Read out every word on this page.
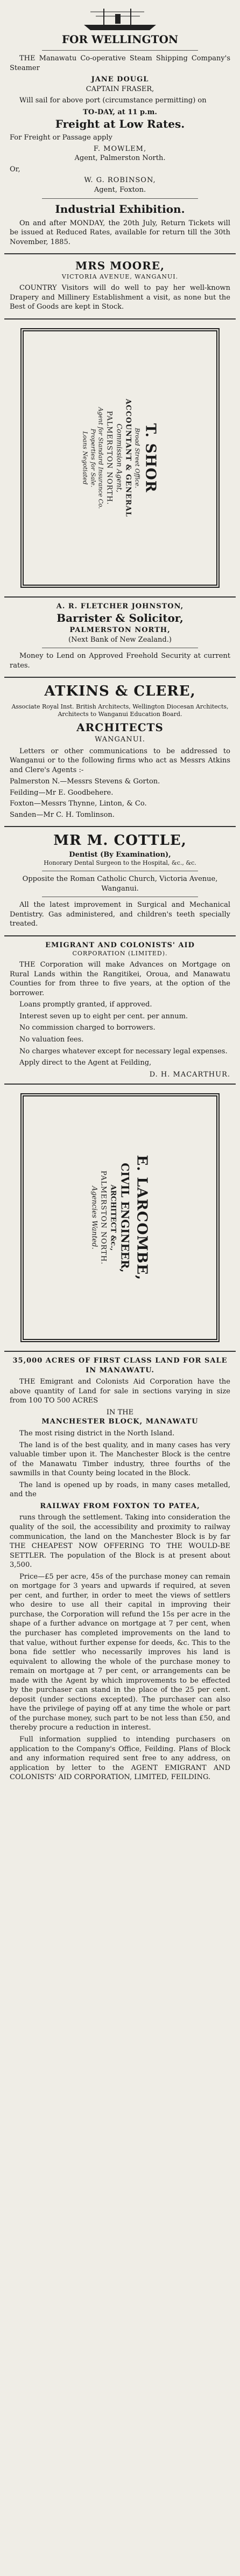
FOR WELLINGTON

THE Manawatu Co-operative Steam Shipping Company's Steamer

JANE DOUGL
CAPTAIN FRASER,

Will sail for above port (circumstance permitting) on

TO-DAY, at 11 p.m.
Freight at Low Rates.

For Freight or Passage apply

F. MOWLEM,
Agent, Palmerston North.

Or,

W. G. ROBINSON,
Agent, Foxton.
Industrial Exhibition.

On and after MONDAY, the 20th July, Return Tickets will be issued at Reduced Rates, available for return till the 30th November, 1885.

MRS MOORE,
VICTORIA AVENUE, WANGANUI.

COUNTRY Visitors will do well to pay her well-known Drapery and Millinery Establishment a visit, as none but the Best of Goods are kept in Stock.

T. SHOR
Broad Street Office.
ACCOUNTANT & GENERAL
Commission Agent,
PALMERSTON NORTH.
Agent for Standard Insurance Co.
Properties for Sale.
Loans Negotiated
A. R. FLETCHER JOHNSTON,
Barrister & Solicitor,
PALMERSTON NORTH,
(Next Bank of New Zealand.)

Money to Lend on Approved Freehold Security at current rates.

ATKINS & CLERE,

Associate Royal Inst. British Architects, Wellington Diocesan Architects, Architects to Wanganui Education Board.

ARCHITECTS
WANGANUI.

Letters or other communications to be addressed to Wanganui or to the following firms who act as Messrs Atkins and Clere's Agents :-

Palmerston N.—Messrs Stevens & Gorton.

Feilding—Mr E. Goodbehere.

Foxton—Messrs Thynne, Linton, & Co.

Sanden—Mr C. H. Tomlinson.

MR M. COTTLE,
Dentist (By Examination),
Honorary Dental Surgeon to the Hospital, &c., &c.

Opposite the Roman Catholic Church, Victoria Avenue, Wanganui.

All the latest improvement in Surgical and Mechanical Dentistry. Gas administered, and children's teeth specially treated.

EMIGRANT AND COLONISTS' AID
CORPORATION (LIMITED).

THE Corporation will make Advances on Mortgage on Rural Lands within the Rangitikei, Oroua, and Manawatu Counties for from three to five years, at the option of the borrower.

Loans promptly granted, if approved.

Interest seven up to eight per cent. per annum.

No commission charged to borrowers.

No valuation fees.

No charges whatever except for necessary legal expenses.

Apply direct to the Agent at Feilding,

D. H. MACARTHUR.
E. LARCOMBE,
CIVIL ENGINEER,
ARCHITECT &c.,
PALMERSTON NORTH.
Agencies Wanted.
35,000 ACRES OF FIRST CLASS LAND FOR SALE IN MANAWATU.

THE Emigrant and Colonists Aid Corporation have the above quantity of Land for sale in sections varying in size from 100 TO 500 ACRES

IN THE
MANCHESTER BLOCK, MANAWATU

The most rising district in the North Island.

The land is of the best quality, and in many cases has very valuable timber upon it. The Manchester Block is the centre of the Manawatu Timber industry, three fourths of the sawmills in that County being located in the Block.

The land is opened up by roads, in many cases metalled, and the

RAILWAY FROM FOXTON TO PATEA,

runs through the settlement. Taking into consideration the quality of the soil, the accessibility and proximity to railway communication, the land on the Manchester Block is by far THE CHEAPEST NOW OFFERING TO THE WOULD-BE SETTLER. The population of the Block is at present about 3,500.

Price—£5 per acre, 45s of the purchase money can remain on mortgage for 3 years and upwards if required, at seven per cent, and further, in order to meet the views of settlers who desire to use all their capital in improving their purchase, the Corporation will refund the 15s per acre in the shape of a further advance on mortgage at 7 per cent, when the purchaser has completed improvements on the land to that value, without further expense for deeds, &c. This to the bona fide settler who necessarily improves his land is equivalent to allowing the whole of the purchase money to remain on mortgage at 7 per cent, or arrangements can be made with the Agent by which improvements to be effected by the purchaser can stand in the place of the 25 per cent. deposit (under sections excepted). The purchaser can also have the privilege of paying off at any time the whole or part of the purchase money, such part to be not less than £50, and thereby procure a reduction in interest.

Full information supplied to intending purchasers on application to the Company's Office, Feilding. Plans of Block and any information required sent free to any address, on application by letter to the AGENT EMIGRANT AND COLONISTS' AID CORPORATION, LIMITED, FEILDING.
